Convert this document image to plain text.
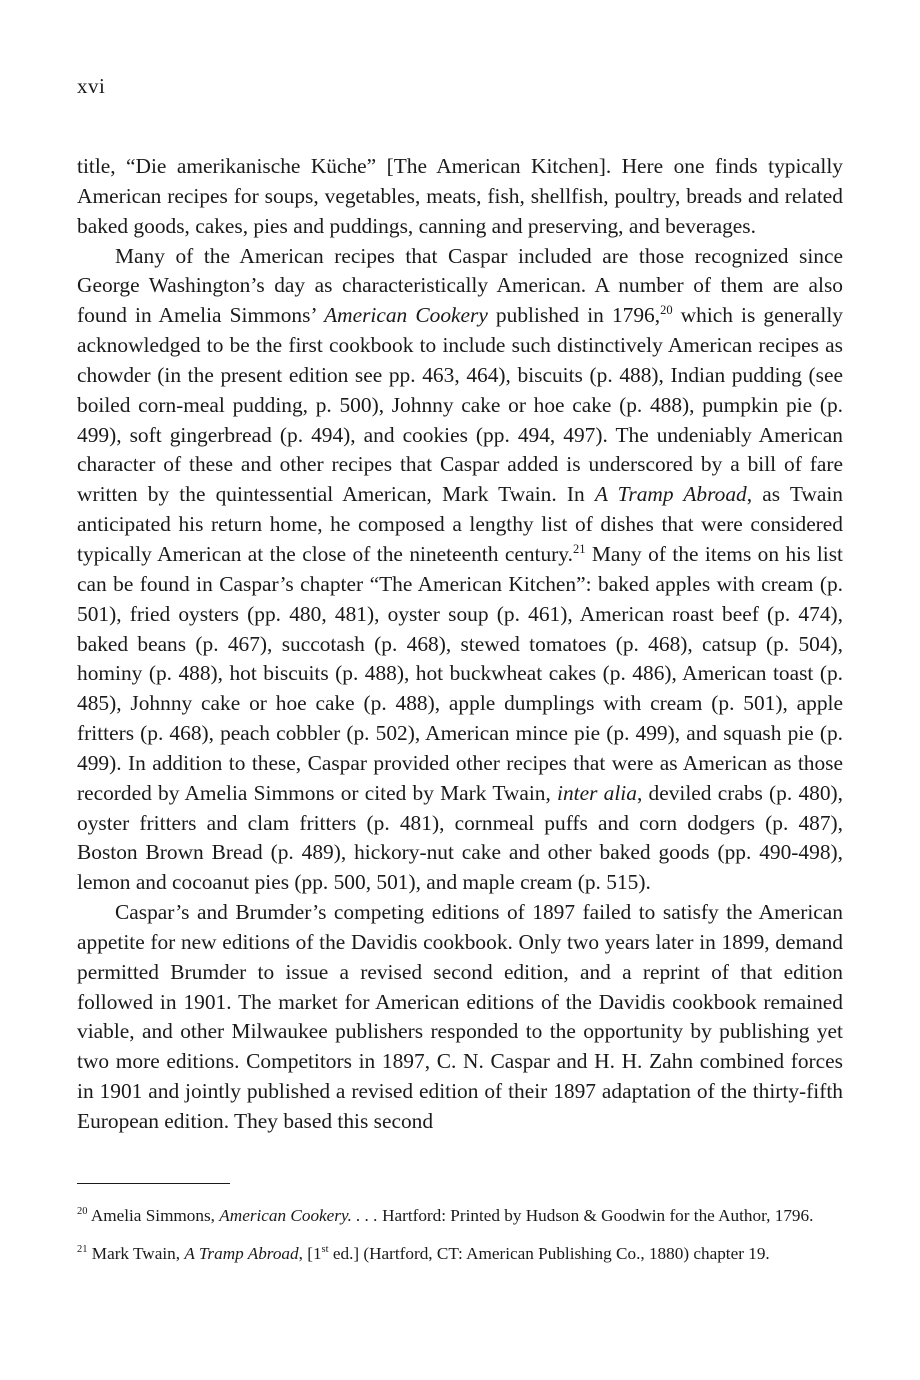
xvi

title, “Die amerikanische Küche” [The American Kitchen]. Here one finds typically American recipes for soups, vegetables, meats, fish, shellfish, poultry, breads and related baked goods, cakes, pies and puddings, canning and preserving, and beverages.

Many of the American recipes that Caspar included are those recognized since George Washington’s day as characteristically American. A number of them are also found in Amelia Simmons’ American Cookery published in 1796,20 which is generally acknowledged to be the first cookbook to include such distinctively American recipes as chowder (in the present edition see pp. 463, 464), biscuits (p. 488), Indian pudding (see boiled corn-meal pudding, p. 500), Johnny cake or hoe cake (p. 488), pumpkin pie (p. 499), soft gingerbread (p. 494), and cookies (pp. 494, 497). The undeniably American character of these and other recipes that Caspar added is underscored by a bill of fare written by the quintessential American, Mark Twain. In A Tramp Abroad, as Twain anticipated his return home, he composed a lengthy list of dishes that were considered typically American at the close of the nineteenth century.$^{21}$ Many of the items on his list can be found in Caspar’s chapter “The American Kitchen”: baked apples with cream (p. 501), fried oysters (pp. 480, 481), oyster soup (p. 461), American roast beef (p. 474), baked beans (p. 467), succotash (p. 468), stewed tomatoes (p. 468), catsup (p. 504), hominy (p. 488), hot biscuits (p. 488), hot buckwheat cakes (p. 486), American toast (p. 485), Johnny cake or hoe cake (p. 488), apple dumplings with cream (p. 501), apple fritters (p. 468), peach cobbler (p. 502), American mince pie (p. 499), and squash pie (p. 499). In addition to these, Caspar provided other recipes that were as American as those recorded by Amelia Simmons or cited by Mark Twain, inter alia, deviled crabs (p. 480), oyster fritters and clam fritters (p. 481), cornmeal puffs and corn dodgers (p. 487), Boston Brown Bread (p. 489), hickory-nut cake and other baked goods (pp. 490-498), lemon and cocoanut pies (pp. 500, 501), and maple cream (p. 515).

Caspar’s and Brumder’s competing editions of 1897 failed to satisfy the American appetite for new editions of the Davidis cookbook. Only two years later in 1899, demand permitted Brumder to issue a revised second edition, and a reprint of that edition followed in 1901. The market for American editions of the Davidis cookbook remained viable, and other Milwaukee publishers responded to the opportunity by publishing yet two more editions. Competitors in 1897, C. N. Caspar and H. H. Zahn combined forces in 1901 and jointly published a revised edition of their 1897 adaptation of the thirty-fifth European edition. They based this second

$^{20}$ Amelia Simmons, American Cookery. . . . Hartford: Printed by Hudson & Goodwin for the Author, 1796.

$^{21}$ Mark Twain, A Tramp Abroad, [1st ed.] (Hartford, CT: American Publishing Co., 1880) chapter 19.
